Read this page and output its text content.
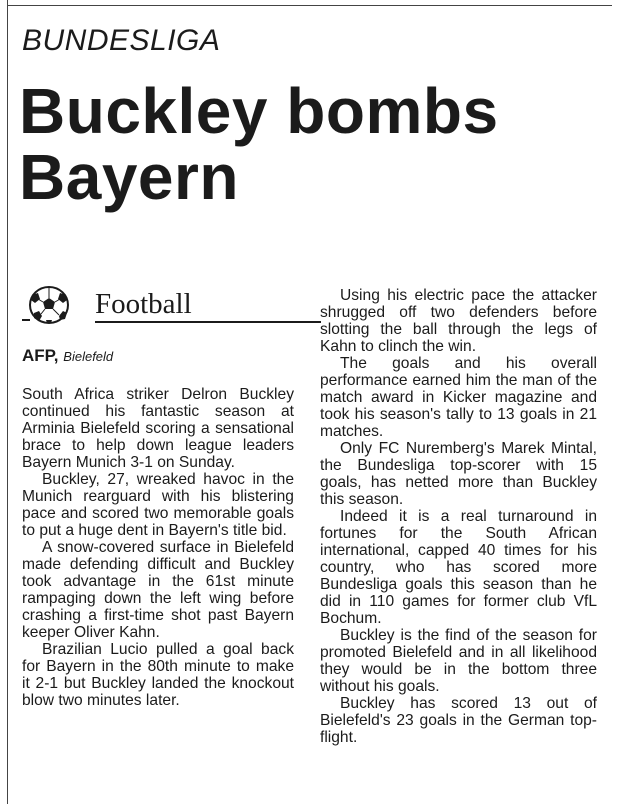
BUNDESLIGA
Buckley bombs
Bayern
Football
AFP, Bielefeld

South Africa striker Delron Buckley continued his fantastic season at Arminia Bielefeld scoring a sensational brace to help down league leaders Bayern Munich 3-1 on Sunday.

Buckley, 27, wreaked havoc in the Munich rearguard with his blistering pace and scored two memorable goals to put a huge dent in Bayern's title bid.

A snow-covered surface in Bielefeld made defending difficult and Buckley took advantage in the 61st minute rampaging down the left wing before crashing a first-time shot past Bayern keeper Oliver Kahn.

Brazilian Lucio pulled a goal back for Bayern in the 80th minute to make it 2-1 but Buckley landed the knockout blow two minutes later.

Using his electric pace the attacker shrugged off two defenders before slotting the ball through the legs of Kahn to clinch the win.

The goals and his overall performance earned him the man of the match award in Kicker magazine and took his season's tally to 13 goals in 21 matches.

Only FC Nuremberg's Marek Mintal, the Bundesliga top-scorer with 15 goals, has netted more than Buckley this season.

Indeed it is a real turnaround in fortunes for the South African international, capped 40 times for his country, who has scored more Bundesliga goals this season than he did in 110 games for former club VfL Bochum.

Buckley is the find of the season for promoted Bielefeld and in all likelihood they would be in the bottom three without his goals.

Buckley has scored 13 out of Bielefeld's 23 goals in the German top-flight.
